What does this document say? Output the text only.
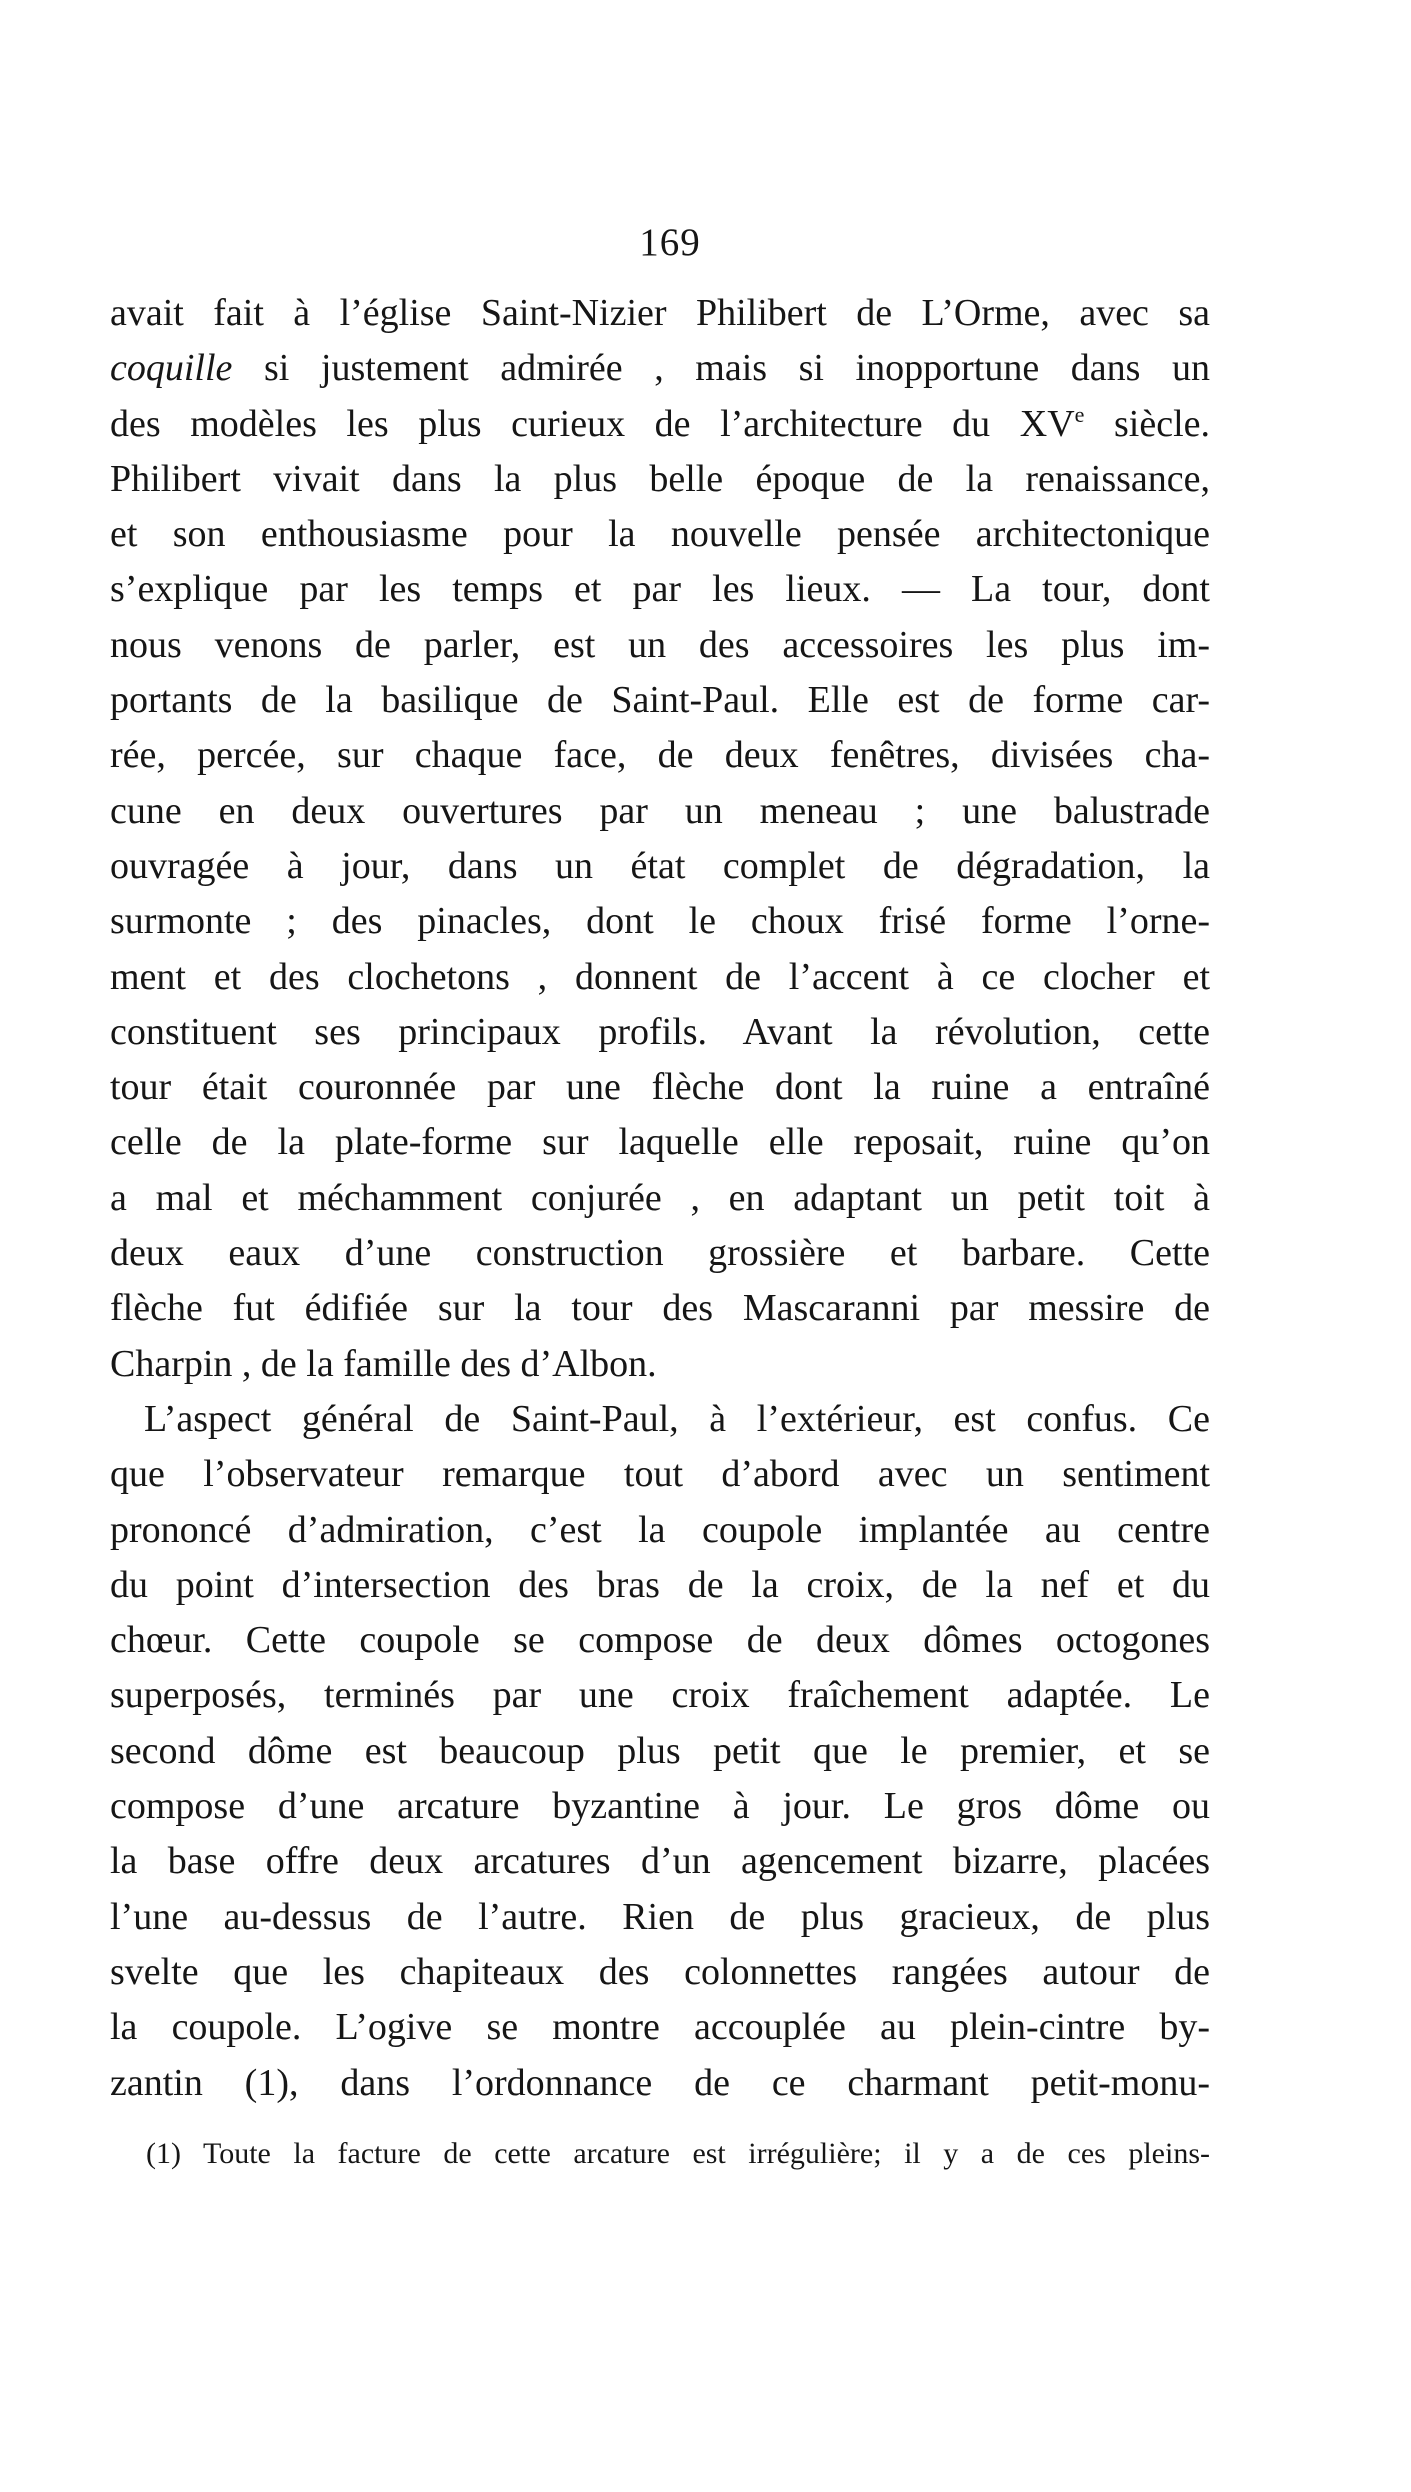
169
avait fait à l’église Saint-Nizier Philibert de L’Orme, avec sa
coquille si justement admirée , mais si inopportune dans un
des modèles les plus curieux de l’architecture du XVe siècle.
Philibert vivait dans la plus belle époque de la renaissance,
et son enthousiasme pour la nouvelle pensée architectonique
s’explique par les temps et par les lieux. — La tour, dont
nous venons de parler, est un des accessoires les plus im-
portants de la basilique de Saint-Paul. Elle est de forme car-
rée, percée, sur chaque face, de deux fenêtres, divisées cha-
cune en deux ouvertures par un meneau ; une balustrade
ouvragée à jour, dans un état complet de dégradation, la
surmonte ; des pinacles, dont le choux frisé forme l’orne-
ment et des clochetons , donnent de l’accent à ce clocher et
constituent ses principaux profils. Avant la révolution, cette
tour était couronnée par une flèche dont la ruine a entraîné
celle de la plate-forme sur laquelle elle reposait, ruine qu’on
a mal et méchamment conjurée , en adaptant un petit toit à
deux eaux d’une construction grossière et barbare. Cette
flèche fut édifiée sur la tour des Mascaranni par messire de
Charpin , de la famille des d’Albon.
L’aspect général de Saint-Paul, à l’extérieur, est confus. Ce
que l’observateur remarque tout d’abord avec un sentiment
prononcé d’admiration, c’est la coupole implantée au centre
du point d’intersection des bras de la croix, de la nef et du
chœur. Cette coupole se compose de deux dômes octogones
superposés, terminés par une croix fraîchement adaptée. Le
second dôme est beaucoup plus petit que le premier, et se
compose d’une arcature byzantine à jour. Le gros dôme ou
la base offre deux arcatures d’un agencement bizarre, placées
l’une au-dessus de l’autre. Rien de plus gracieux, de plus
svelte que les chapiteaux des colonnettes rangées autour de
la coupole. L’ogive se montre accouplée au plein-cintre by-
zantin (1), dans l’ordonnance de ce charmant petit-monu-
(1) Toute la facture de cette arcature est irrégulière; il y a de ces pleins-
